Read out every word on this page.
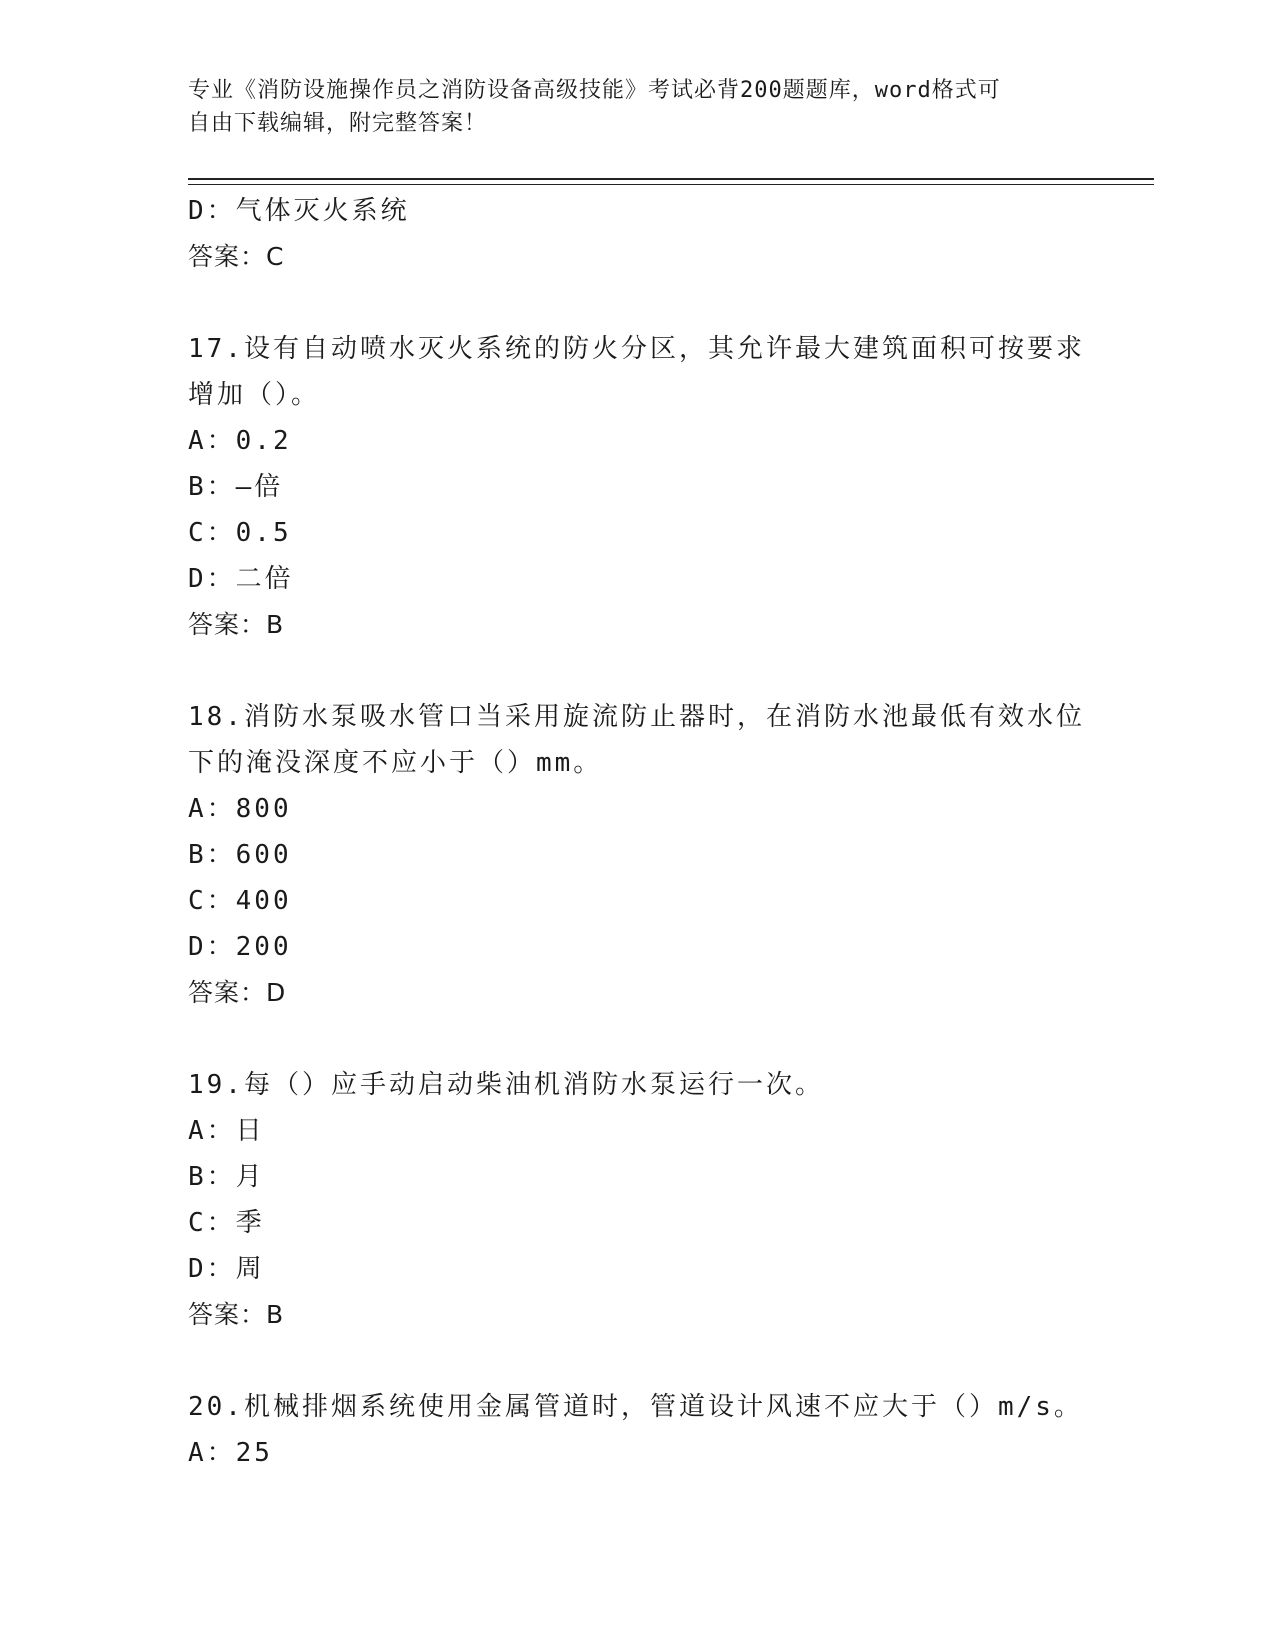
专业《消防设施操作员之消防设备高级技能》考试必背200题题库，word格式可
自由下载编辑，附完整答案！
D：气体灭火系统
答案：C
17.设有自动喷水灭火系统的防火分区，其允许最大建筑面积可按要求
增加（）。
A：0.2
B：—倍
C：0.5
D：二倍
答案：B
18.消防水泵吸水管口当采用旋流防止器时，在消防水池最低有效水位
下的淹没深度不应小于（）mm。
A：800
B：600
C：400
D：200
答案：D
19.每（）应手动启动柴油机消防水泵运行一次。
A：日
B：月
C：季
D：周
答案：B
20.机械排烟系统使用金属管道时，管道设计风速不应大于（）m/s。
A：25
